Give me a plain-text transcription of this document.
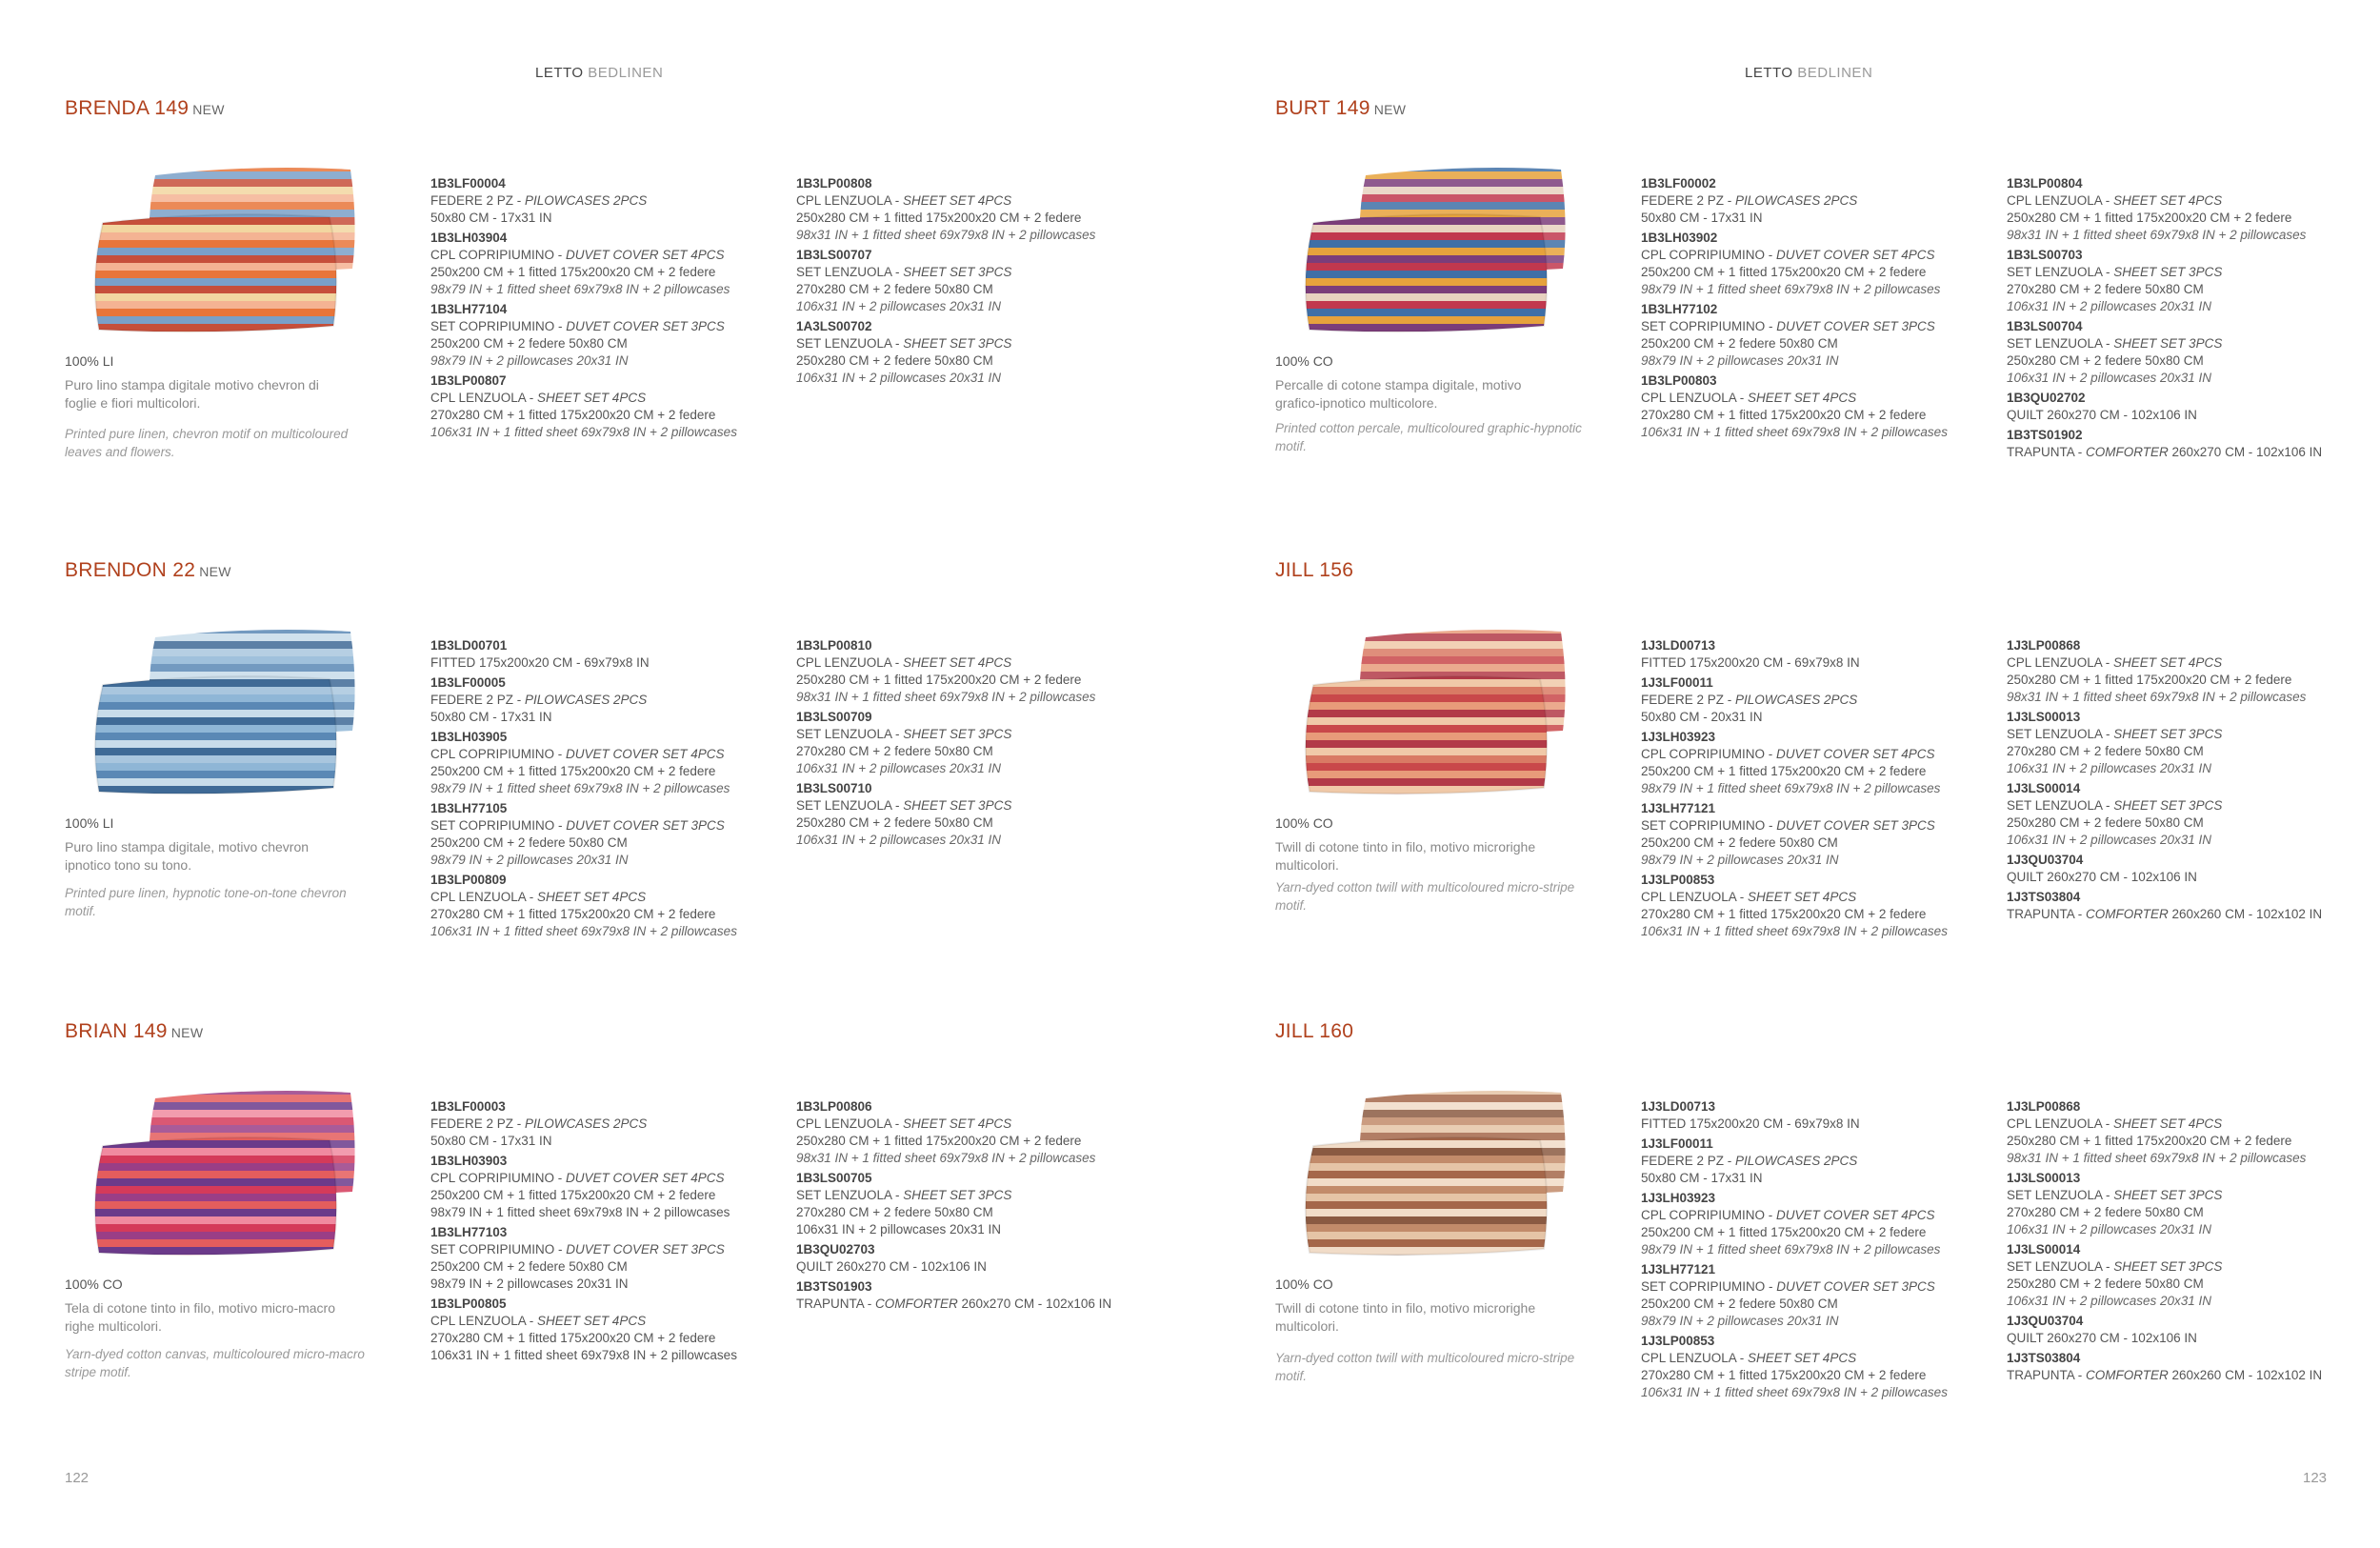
LETTO BEDLINEN	LETTO BEDLINEN
BRENDA 149 NEW
100% LI
Puro lino stampa digitale motivo chevron di foglie e fiori multicolori.
Printed pure linen, chevron motif on multicoloured leaves and flowers.
1B3LF00004
FEDERE 2 PZ - PILOWCASES 2PCS
50x80 CM - 17x31 IN
1B3LH03904
CPL COPRIPIUMINO - DUVET COVER SET 4PCS
250x200 CM + 1 fitted 175x200x20 CM + 2 federe
98x79 IN + 1 fitted sheet 69x79x8 IN + 2 pillowcases
1B3LH77104
SET COPRIPIUMINO - DUVET COVER SET 3PCS
250x200 CM + 2 federe 50x80 CM
98x79 IN + 2 pillowcases 20x31 IN
1B3LP00807
CPL LENZUOLA - SHEET SET 4PCS
270x280 CM + 1 fitted 175x200x20 CM + 2 federe
106x31 IN + 1 fitted sheet 69x79x8 IN + 2 pillowcases
1B3LP00808
CPL LENZUOLA - SHEET SET 4PCS
250x280 CM + 1 fitted 175x200x20 CM + 2 federe
98x31 IN + 1 fitted sheet 69x79x8 IN + 2 pillowcases
1B3LS00707
SET LENZUOLA - SHEET SET 3PCS
270x280 CM + 2 federe 50x80 CM
106x31 IN + 2 pillowcases 20x31 IN
1A3LS00702
SET LENZUOLA - SHEET SET 3PCS
250x280 CM + 2 federe 50x80 CM
106x31 IN + 2 pillowcases 20x31 IN
BURT 149 NEW
100% CO
Percalle di cotone stampa digitale, motivo grafico-ipnotico multicolore.
Printed cotton percale, multicoloured graphic-hypnotic motif.
1B3LF00002
FEDERE 2 PZ - PILOWCASES 2PCS
50x80 CM - 17x31 IN
1B3LH03902
CPL COPRIPIUMINO - DUVET COVER SET 4PCS
250x200 CM + 1 fitted 175x200x20 CM + 2 federe
98x79 IN + 1 fitted sheet 69x79x8 IN + 2 pillowcases
1B3LH77102
SET COPRIPIUMINO - DUVET COVER SET 3PCS
250x200 CM + 2 federe 50x80 CM
98x79 IN + 2 pillowcases 20x31 IN
1B3LP00803
CPL LENZUOLA - SHEET SET 4PCS
270x280 CM + 1 fitted 175x200x20 CM + 2 federe
106x31 IN + 1 fitted sheet 69x79x8 IN + 2 pillowcases
1B3LP00804
CPL LENZUOLA - SHEET SET 4PCS
250x280 CM + 1 fitted 175x200x20 CM + 2 federe
98x31 IN + 1 fitted sheet 69x79x8 IN + 2 pillowcases
1B3LS00703
SET LENZUOLA - SHEET SET 3PCS
270x280 CM + 2 federe 50x80 CM
106x31 IN + 2 pillowcases 20x31 IN
1B3LS00704
SET LENZUOLA - SHEET SET 3PCS
250x280 CM + 2 federe 50x80 CM
106x31 IN + 2 pillowcases 20x31 IN
1B3QU02702
QUILT 260x270 CM - 102x106 IN
1B3TS01902
TRAPUNTA - COMFORTER 260x270 CM - 102x106 IN
BRENDON 22 NEW
100% LI
Puro lino stampa digitale, motivo chevron ipnotico tono su tono.
Printed pure linen, hypnotic tone-on-tone chevron motif.
1B3LD00701
FITTED 175x200x20 CM - 69x79x8 IN
1B3LF00005
FEDERE 2 PZ - PILOWCASES 2PCS
50x80 CM - 17x31 IN
1B3LH03905
CPL COPRIPIUMINO - DUVET COVER SET 4PCS
250x200 CM + 1 fitted 175x200x20 CM + 2 federe
98x79 IN + 1 fitted sheet 69x79x8 IN + 2 pillowcases
1B3LH77105
SET COPRIPIUMINO - DUVET COVER SET 3PCS
250x200 CM + 2 federe 50x80 CM
98x79 IN + 2 pillowcases 20x31 IN
1B3LP00809
CPL LENZUOLA - SHEET SET 4PCS
270x280 CM + 1 fitted 175x200x20 CM + 2 federe
106x31 IN + 1 fitted sheet 69x79x8 IN + 2 pillowcases
1B3LP00810
CPL LENZUOLA - SHEET SET 4PCS
250x280 CM + 1 fitted 175x200x20 CM + 2 federe
98x31 IN + 1 fitted sheet 69x79x8 IN + 2 pillowcases
1B3LS00709
SET LENZUOLA - SHEET SET 3PCS
270x280 CM + 2 federe 50x80 CM
106x31 IN + 2 pillowcases 20x31 IN
1B3LS00710
SET LENZUOLA - SHEET SET 3PCS
250x280 CM + 2 federe 50x80 CM
106x31 IN + 2 pillowcases 20x31 IN
JILL 156
100% CO
Twill di cotone tinto in filo, motivo microrighe multicolori.
Yarn-dyed cotton twill with multicoloured micro-stripe motif.
1J3LD00713
FITTED 175x200x20 CM - 69x79x8 IN
1J3LF00011
FEDERE 2 PZ - PILOWCASES 2PCS
50x80 CM - 20x31 IN
1J3LH03923
CPL COPRIPIUMINO - DUVET COVER SET 4PCS
250x200 CM + 1 fitted 175x200x20 CM + 2 federe
98x79 IN + 1 fitted sheet 69x79x8 IN + 2 pillowcases
1J3LH77121
SET COPRIPIUMINO - DUVET COVER SET 3PCS
250x200 CM + 2 federe 50x80 CM
98x79 IN + 2 pillowcases 20x31 IN
1J3LP00853
CPL LENZUOLA - SHEET SET 4PCS
270x280 CM + 1 fitted 175x200x20 CM + 2 federe
106x31 IN + 1 fitted sheet 69x79x8 IN + 2 pillowcases
1J3LP00868
CPL LENZUOLA - SHEET SET 4PCS
250x280 CM + 1 fitted 175x200x20 CM + 2 federe
98x31 IN + 1 fitted sheet 69x79x8 IN + 2 pillowcases
1J3LS00013
SET LENZUOLA - SHEET SET 3PCS
270x280 CM + 2 federe 50x80 CM
106x31 IN + 2 pillowcases 20x31 IN
1J3LS00014
SET LENZUOLA - SHEET SET 3PCS
250x280 CM + 2 federe 50x80 CM
106x31 IN + 2 pillowcases 20x31 IN
1J3QU03704
QUILT 260x270 CM - 102x106 IN
1J3TS03804
TRAPUNTA - COMFORTER 260x260 CM - 102x102 IN
BRIAN 149 NEW
100% CO
Tela di cotone tinto in filo, motivo micro-macro righe multicolori.
Yarn-dyed cotton canvas, multicoloured micro-macro stripe motif.
1B3LF00003
FEDERE 2 PZ - PILOWCASES 2PCS
50x80 CM - 17x31 IN
1B3LH03903
CPL COPRIPIUMINO - DUVET COVER SET 4PCS
250x200 CM + 1 fitted 175x200x20 CM + 2 federe
98x79 IN + 1 fitted sheet 69x79x8 IN + 2 pillowcases
1B3LH77103
SET COPRIPIUMINO - DUVET COVER SET 3PCS
250x200 CM + 2 federe 50x80 CM
98x79 IN + 2 pillowcases 20x31 IN
1B3LP00805
CPL LENZUOLA - SHEET SET 4PCS
270x280 CM + 1 fitted 175x200x20 CM + 2 federe
106x31 IN + 1 fitted sheet 69x79x8 IN + 2 pillowcases
1B3LP00806
CPL LENZUOLA - SHEET SET 4PCS
250x280 CM + 1 fitted 175x200x20 CM + 2 federe
98x31 IN + 1 fitted sheet 69x79x8 IN + 2 pillowcases
1B3LS00705
SET LENZUOLA - SHEET SET 3PCS
270x280 CM + 2 federe 50x80 CM
106x31 IN + 2 pillowcases 20x31 IN
1B3QU02703
QUILT 260x270 CM - 102x106 IN
1B3TS01903
TRAPUNTA - COMFORTER 260x270 CM - 102x106 IN
JILL 160
100% CO
Twill di cotone tinto in filo, motivo microrighe multicolori.
Yarn-dyed cotton twill with multicoloured micro-stripe motif.
1J3LD00713
FITTED 175x200x20 CM - 69x79x8 IN
1J3LF00011
FEDERE 2 PZ - PILOWCASES 2PCS
50x80 CM - 17x31 IN
1J3LH03923
CPL COPRIPIUMINO - DUVET COVER SET 4PCS
250x200 CM + 1 fitted 175x200x20 CM + 2 federe
98x79 IN + 1 fitted sheet 69x79x8 IN + 2 pillowcases
1J3LH77121
SET COPRIPIUMINO - DUVET COVER SET 3PCS
250x200 CM + 2 federe 50x80 CM
98x79 IN + 2 pillowcases 20x31 IN
1J3LP00853
CPL LENZUOLA - SHEET SET 4PCS
270x280 CM + 1 fitted 175x200x20 CM + 2 federe
106x31 IN + 1 fitted sheet 69x79x8 IN + 2 pillowcases
1J3LP00868
CPL LENZUOLA - SHEET SET 4PCS
250x280 CM + 1 fitted 175x200x20 CM + 2 federe
98x31 IN + 1 fitted sheet 69x79x8 IN + 2 pillowcases
1J3LS00013
SET LENZUOLA - SHEET SET 3PCS
270x280 CM + 2 federe 50x80 CM
106x31 IN + 2 pillowcases 20x31 IN
1J3LS00014
SET LENZUOLA - SHEET SET 3PCS
250x280 CM + 2 federe 50x80 CM
106x31 IN + 2 pillowcases 20x31 IN
1J3QU03704
QUILT 260x270 CM - 102x106 IN
1J3TS03804
TRAPUNTA - COMFORTER 260x260 CM - 102x102 IN
122	123
